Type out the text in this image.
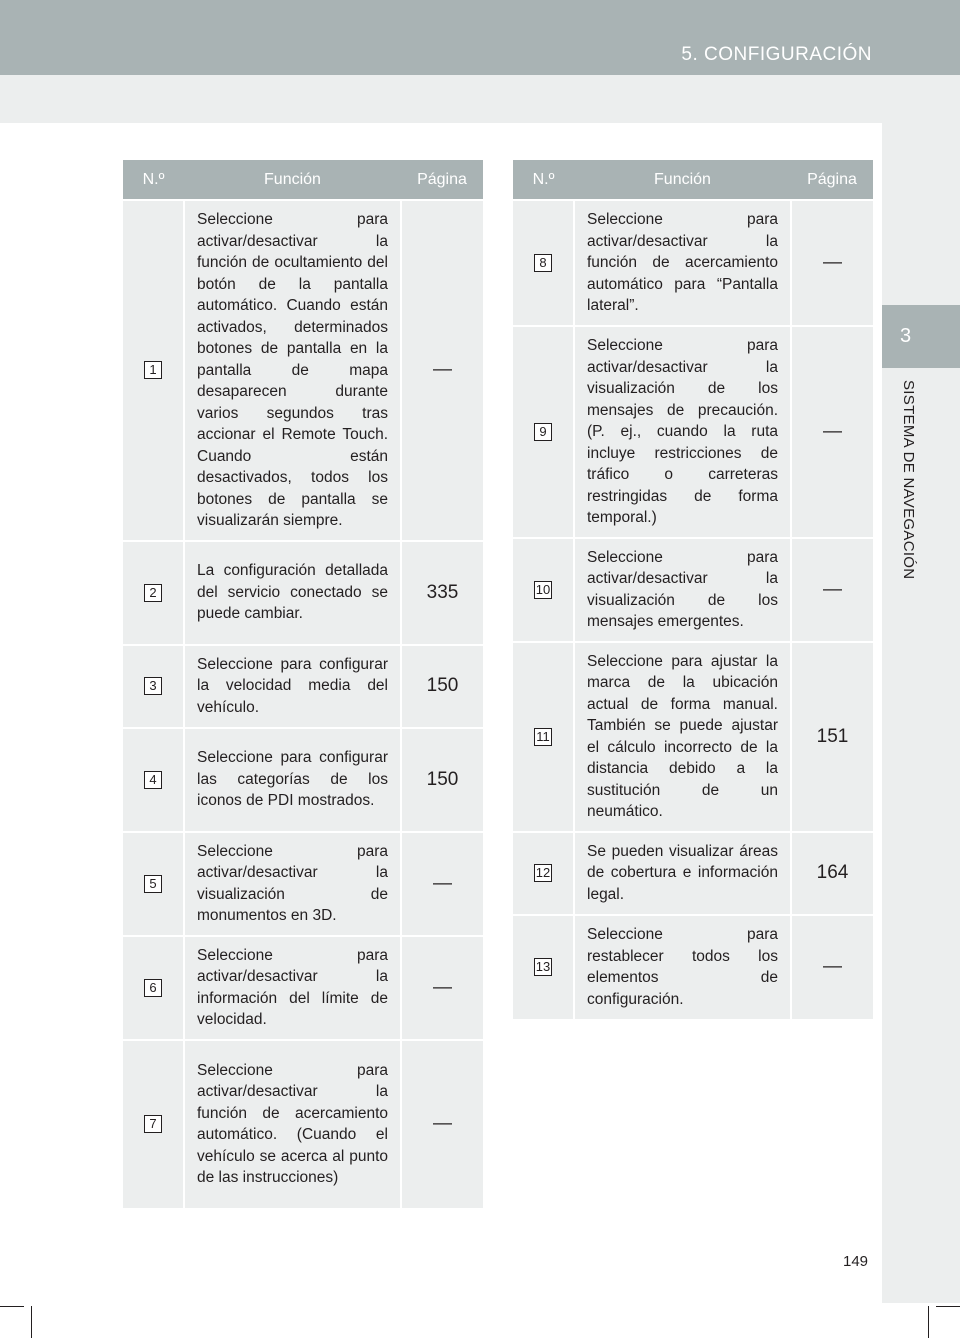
5. CONFIGURACIÓN
3
SISTEMA DE NAVEGACIÓN
N.º	Función	Página
1	Seleccione para activar/desactivar la función de ocultamiento del botón de la pantalla automático. Cuando están activados, determinados botones de pantalla en la pantalla de mapa desaparecen durante varios segundos tras accionar el Remote Touch. Cuando están desactivados, todos los botones de pantalla se visualizarán siempre.	—
2	La configuración detallada del servicio conectado se puede cambiar.	335
3	Seleccione para configurar la velocidad media del vehículo.	150
4	Seleccione para configurar las categorías de los iconos de PDI mostrados.	150
5	Seleccione para activar/desactivar la visualización de monumentos en 3D.	—
6	Seleccione para activar/desactivar la información del límite de velocidad.	—
7	Seleccione para activar/desactivar la función de acercamiento automático. (Cuando el vehículo se acerca al punto de las instrucciones)	—
N.º	Función	Página
8	Seleccione para activar/desactivar la función de acercamiento automático para “Pantalla lateral”.	—
9	Seleccione para activar/desactivar la visualización de los mensajes de precaución. (P. ej., cuando la ruta incluye restricciones de tráfico o carreteras restringidas de forma temporal.)	—
10	Seleccione para activar/desactivar la visualización de los mensajes emergentes.	—
11	Seleccione para ajustar la marca de la ubicación actual de forma manual. También se puede ajustar el cálculo incorrecto de la distancia debido a la sustitución de un neumático.	151
12	Se pueden visualizar áreas de cobertura e información legal.	164
13	Seleccione para restablecer todos los elementos de configuración.	—
149
